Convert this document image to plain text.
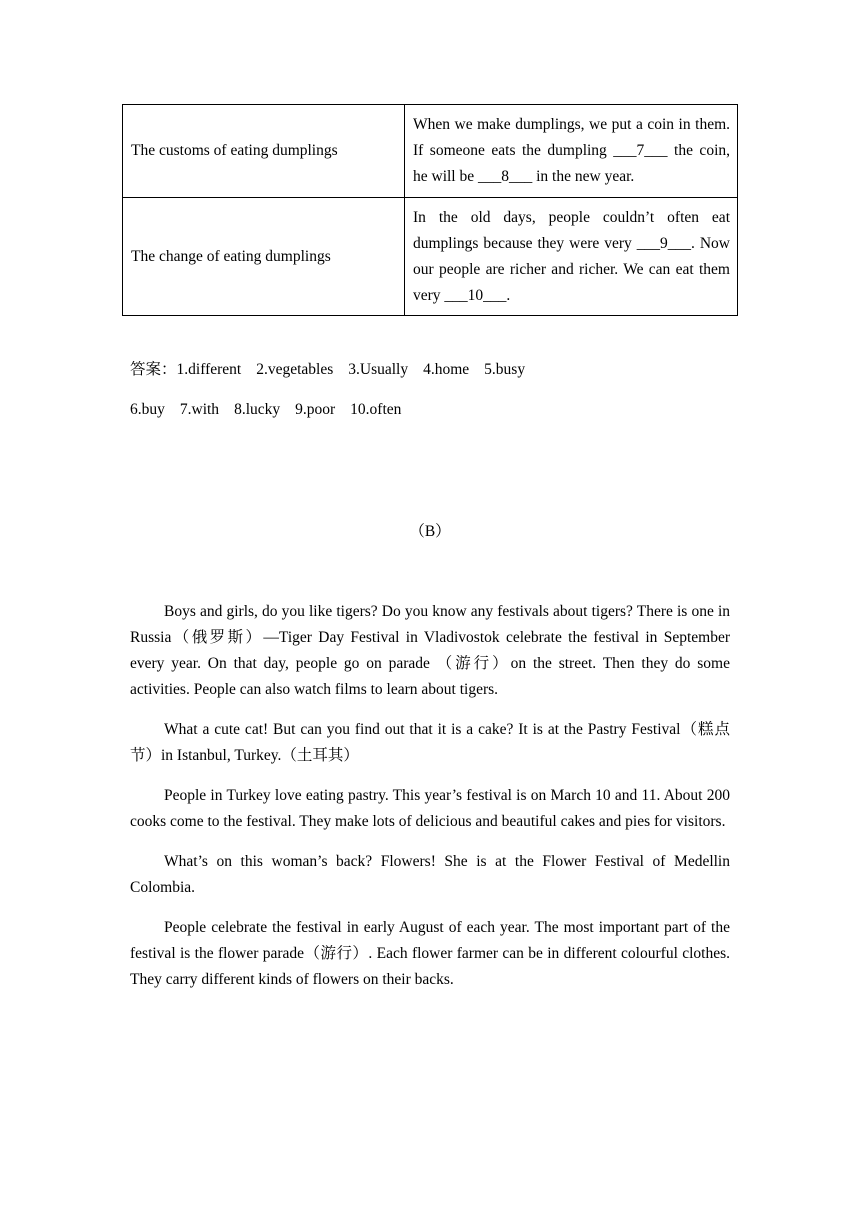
The customs of eating dumplings	When we make dumplings, we put a coin in them. If someone eats the dumpling ___7___ the coin, he will be ___8___ in the new year.
The change of eating dumplings	In the old days, people couldn’t often eat dumplings because they were very ___9___. Now our people are richer and richer. We can eat them very ___10___.
答案：1.different 2.vegetables 3.Usually 4.home 5.busy
6.buy 7.with 8.lucky 9.poor 10.often
（B）

Boys and girls, do you like tigers? Do you know any festivals about tigers? There is one in Russia（俄罗斯）—Tiger Day Festival in Vladivostok celebrate the festival in September every year. On that day, people go on parade （游行）on the street. Then they do some activities. People can also watch films to learn about tigers.

What a cute cat! But can you find out that it is a cake? It is at the Pastry Festival（糕点节）in Istanbul, Turkey.（土耳其）

People in Turkey love eating pastry. This year’s festival is on March 10 and 11. About 200 cooks come to the festival. They make lots of delicious and beautiful cakes and pies for visitors.

What’s on this woman’s back? Flowers! She is at the Flower Festival of Medellin Colombia.

People celebrate the festival in early August of each year. The most important part of the festival is the flower parade（游行）. Each flower farmer can be in different colourful clothes. They carry different kinds of flowers on their backs.
